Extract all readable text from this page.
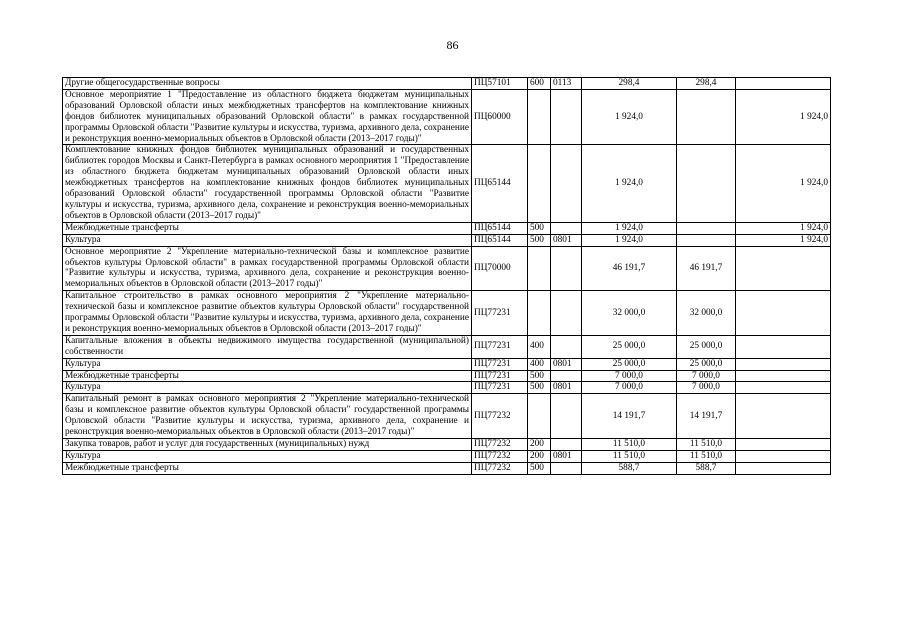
86
Другие общегосударственные вопросы	ПЦ57101	600	0113	298,4	298,4	
Основное мероприятие 1 "Предоставление из областного бюджета бюджетам муниципальных образований Орловской области иных межбюджетных трансфертов на комплектование книжных фондов библиотек муниципальных образований Орловской области" в рамках государственной программы Орловской области "Развитие культуры и искусства, туризма, архивного дела, сохранение и реконструкция военно-мемориальных объектов в Орловской области (2013–2017 годы)"	ПЦ60000			1 924,0		1 924,0
Комплектование книжных фондов библиотек муниципальных образований и государственных библиотек городов Москвы и Санкт-Петербурга в рамках основного мероприятия 1 "Предоставление из областного бюджета бюджетам муниципальных образований Орловской области иных межбюджетных трансфертов на комплектование книжных фондов библиотек муниципальных образований Орловской области" государственной программы Орловской области "Развитие культуры и искусства, туризма, архивного дела, сохранение и реконструкция военно-мемориальных объектов в Орловской области (2013–2017 годы)"	ПЦ65144			1 924,0		1 924,0
Межбюджетные трансферты	ПЦ65144	500		1 924,0		1 924,0
Культура	ПЦ65144	500	0801	1 924,0		1 924,0
Основное мероприятие 2 "Укрепление материально-технической базы и комплексное развитие объектов культуры Орловской области" в рамках государственной программы Орловской области "Развитие культуры и искусства, туризма, архивного дела, сохранение и реконструкция военно-мемориальных объектов в Орловской области (2013–2017 годы)"	ПЦ70000			46 191,7	46 191,7	
Капитальное строительство в рамках основного мероприятия 2 "Укрепление материально-технической базы и комплексное развитие объектов культуры Орловской области" государственной программы Орловской области "Развитие культуры и искусства, туризма, архивного дела, сохранение и реконструкция военно-мемориальных объектов в Орловской области (2013–2017 годы)"	ПЦ77231			32 000,0	32 000,0	
Капитальные вложения в объекты недвижимого имущества государственной (муниципальной) собственности	ПЦ77231	400		25 000,0	25 000,0	
Культура	ПЦ77231	400	0801	25 000,0	25 000,0	
Межбюджетные трансферты	ПЦ77231	500		7 000,0	7 000,0	
Культура	ПЦ77231	500	0801	7 000,0	7 000,0	
Капитальный ремонт в рамках основного мероприятия 2 "Укрепление материально-технической базы и комплексное развитие объектов культуры Орловской области" государственной программы Орловской области "Развитие культуры и искусства, туризма, архивного дела, сохранение и реконструкция военно-мемориальных объектов в Орловской области (2013–2017 годы)"	ПЦ77232			14 191,7	14 191,7	
Закупка товаров, работ и услуг для государственных (муниципальных) нужд	ПЦ77232	200		11 510,0	11 510,0	
Культура	ПЦ77232	200	0801	11 510,0	11 510,0	
Межбюджетные трансферты	ПЦ77232	500		588,7	588,7	
